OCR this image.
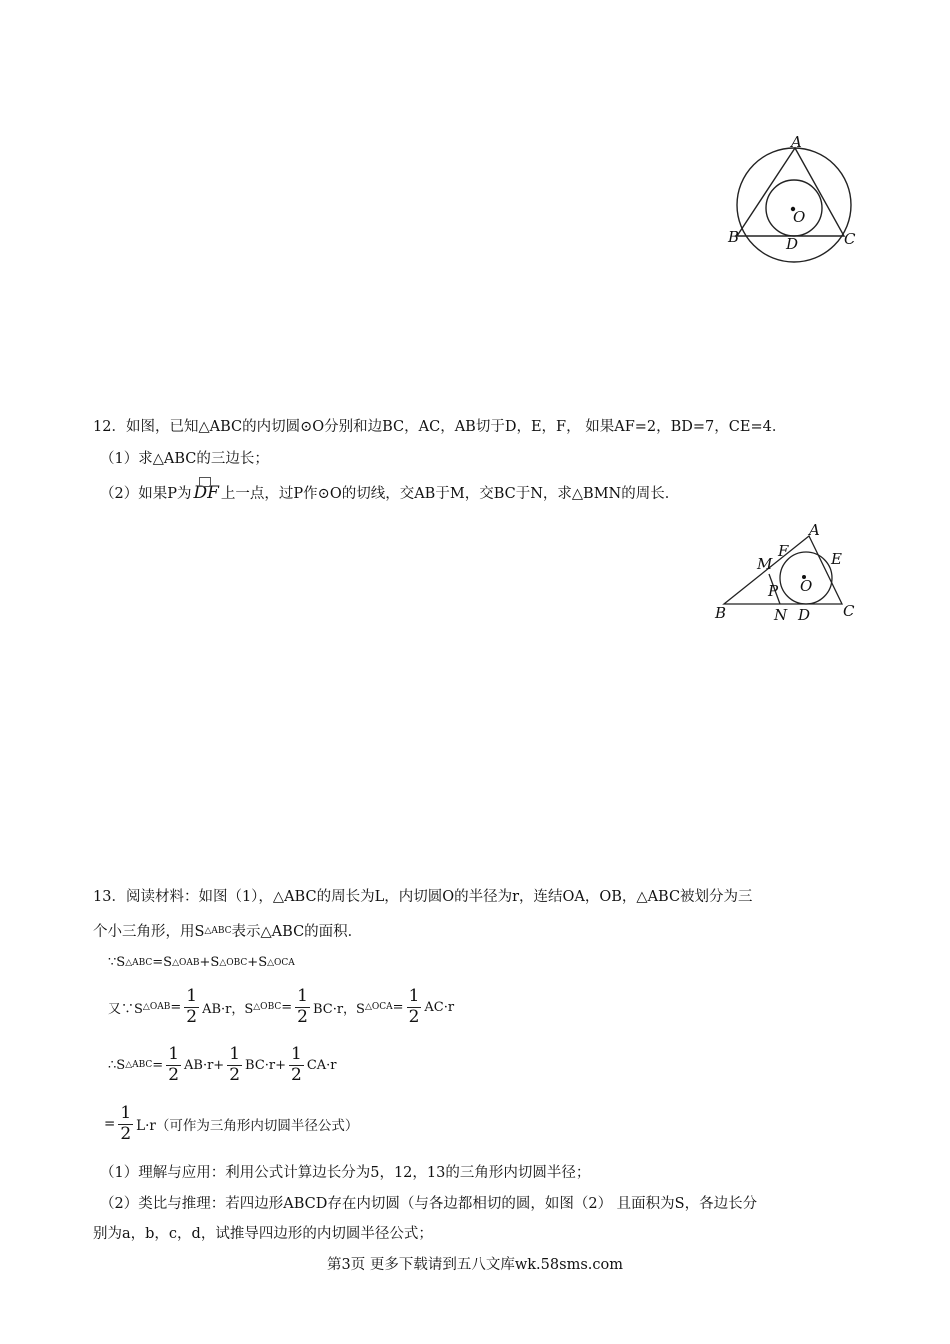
A
B	C
D
O
12．如图，已知△ABC的内切圆⊙O分别和边BC，AC，AB切于D，E，F， 如果AF=2，BD=7，CE=4．
（1）求△ABC的三边长；
（2）如果P为 DF 上一点，过P作⊙O的切线，交AB于M，交BC于N，求△BMN的周长．
A
B	C
D
E
F
M
N
P O
13．阅读材料：如图（1），△ABC的周长为L，内切圆O的半径为r，连结OA，OB，△ABC被划分为三
个小三角形，用S △ABC 表示△ABC的面积．
∵S △ABC =S △OAB +S △OBC +S △OCA
又∵S △OAB = $\frac{1}{2} AB\cdot r$，S △OBC = $\frac{1}{2} BC\cdot r$，S △OCA = $\frac{1}{2} AC\cdot r$
∴S △ABC = $\frac{1}{2} AB\cdot r+ \frac{1}{2} BC\cdot r+ \frac{1}{2} CA\cdot r$
= $\frac{1}{2} L\cdot r$（可作为三角形内切圆半径公式）
（1）理解与应用：利用公式计算边长分为5，12，13的三角形内切圆半径；
（2）类比与推理：若四边形ABCD存在内切圆（与各边都相切的圆，如图（2） 且面积为S，各边长分
别为a，b，c，d，试推导四边形的内切圆半径公式；
第3页 更多下载请到五八文库wk.58sms.com
